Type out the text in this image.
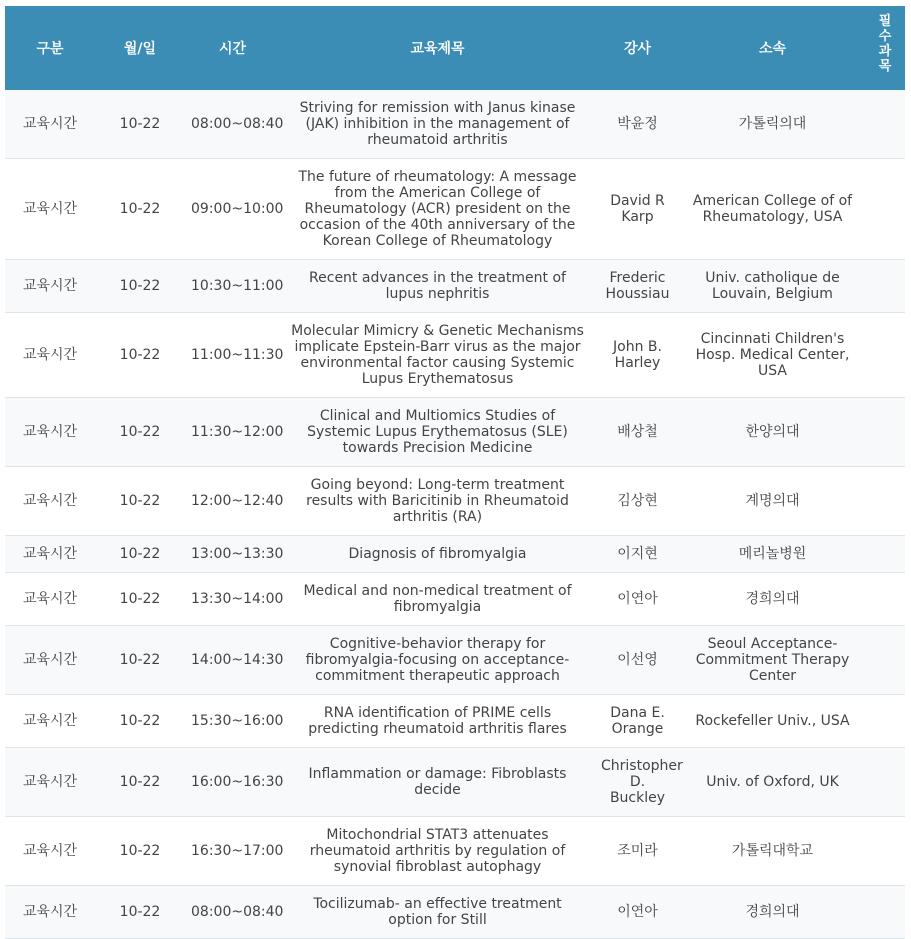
구분	월/일	시간	교육제목	강사	소속	필수과목

교육시간	10-22	08:00~08:40	Striving for remission with Janus kinase (JAK) inhibition in the management of rheumatoid arthritis	박윤정	가톨릭의대	
교육시간	10-22	09:00~10:00	The future of rheumatology: A message from the American College of Rheumatology (ACR) president on the occasion of the 40th anniversary of the Korean College of Rheumatology	David R Karp	American College of of Rheumatology, USA	
교육시간	10-22	10:30~11:00	Recent advances in the treatment of lupus nephritis	Frederic Houssiau	Univ. catholique de Louvain, Belgium	
교육시간	10-22	11:00~11:30	Molecular Mimicry & Genetic Mechanisms implicate Epstein-Barr virus as the major environmental factor causing Systemic Lupus Erythematosus	John B. Harley	Cincinnati Children's Hosp. Medical Center, USA	
교육시간	10-22	11:30~12:00	Clinical and Multiomics Studies of Systemic Lupus Erythematosus (SLE) towards Precision Medicine	배상철	한양의대	
교육시간	10-22	12:00~12:40	Going beyond: Long-term treatment results with Baricitinib in Rheumatoid arthritis (RA)	김상현	계명의대	
교육시간	10-22	13:00~13:30	Diagnosis of fibromyalgia	이지현	메리놀병원	
교육시간	10-22	13:30~14:00	Medical and non-medical treatment of fibromyalgia	이연아	경희의대	
교육시간	10-22	14:00~14:30	Cognitive-behavior therapy for fibromyalgia-focusing on acceptance-commitment therapeutic approach	이선영	Seoul Acceptance-Commitment Therapy Center	
교육시간	10-22	15:30~16:00	RNA identification of PRIME cells predicting rheumatoid arthritis flares	Dana E. Orange	Rockefeller Univ., USA	
교육시간	10-22	16:00~16:30	Inflammation or damage: Fibroblasts decide	Christopher D. Buckley	Univ. of Oxford, UK	
교육시간	10-22	16:30~17:00	Mitochondrial STAT3 attenuates rheumatoid arthritis by regulation of synovial fibroblast autophagy	조미라	가톨릭대학교	
교육시간	10-22	08:00~08:40	Tocilizumab- an effective treatment option for Still	이연아	경희의대	
